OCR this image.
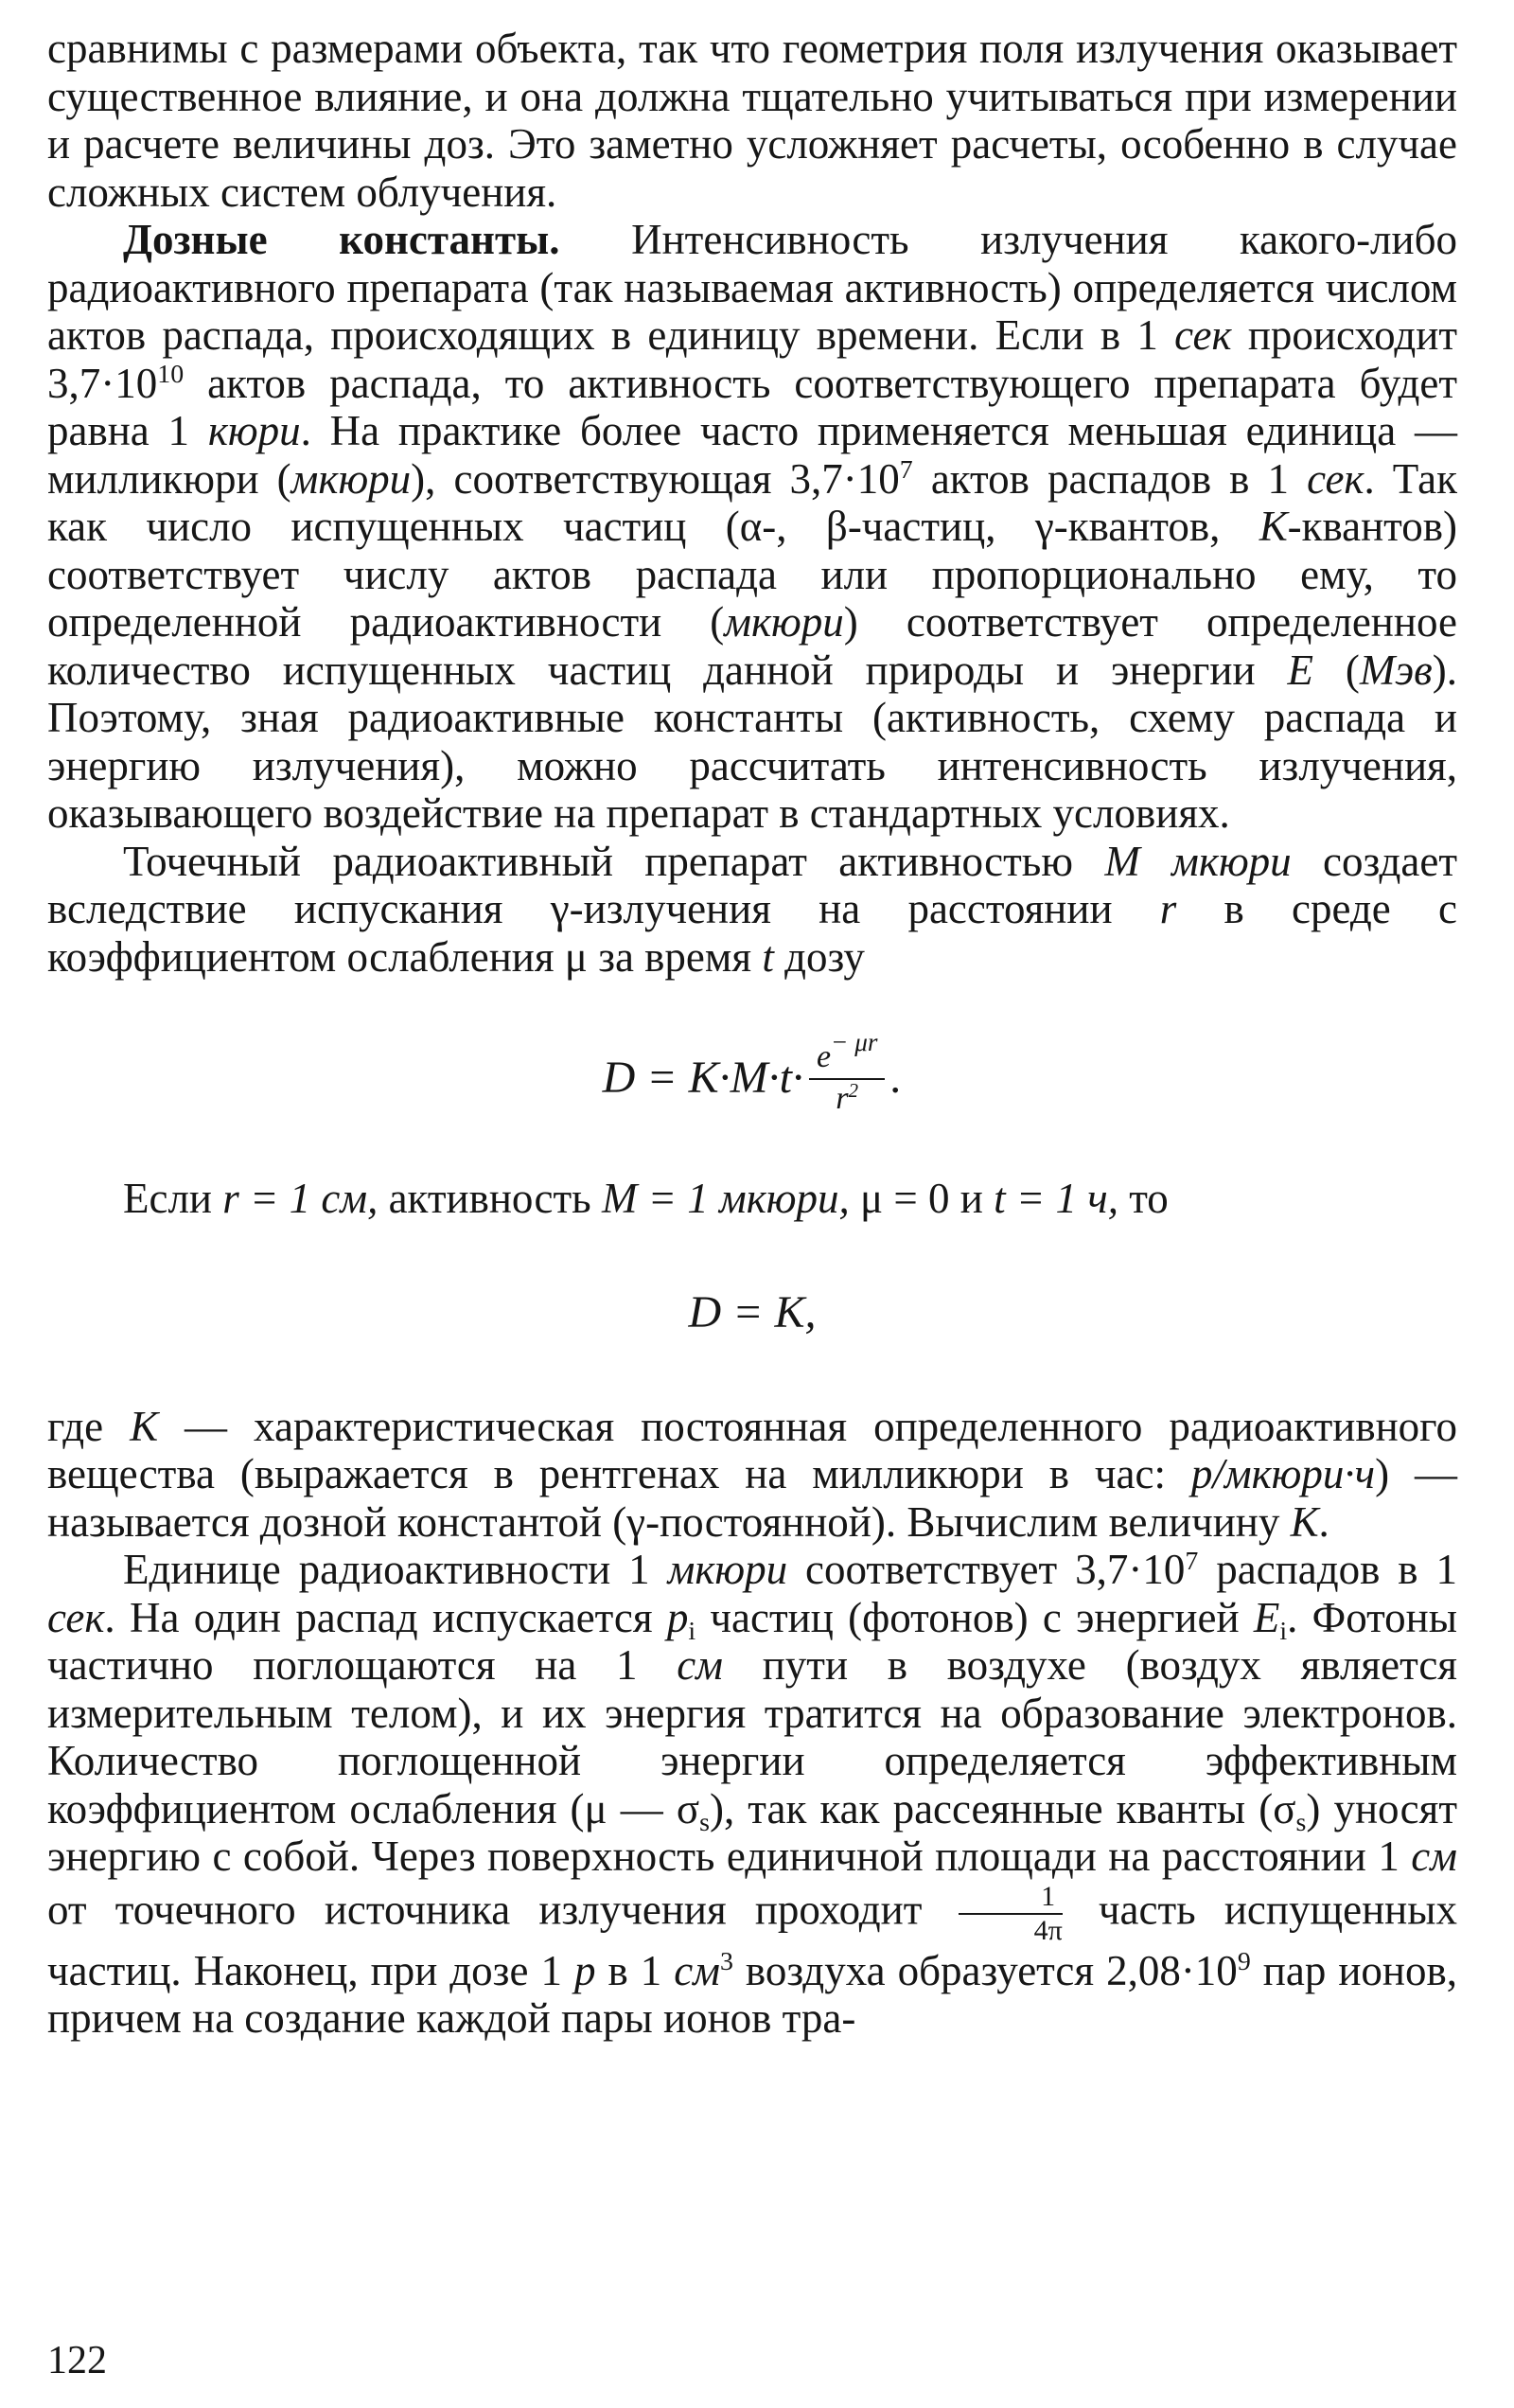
сравнимы с размерами объекта, так что геометрия поля излучения оказывает существенное влияние, и она должна тщательно учитываться при измерении и расчете величины доз. Это заметно усложняет расчеты, особенно в случае сложных систем облучения.

Дозные константы. Интенсивность излучения какого-либо радиоактивного препарата (так называемая активность) определяется числом актов распада, происходящих в единицу времени. Если в 1 сек происходит $3,7\cdot 10^{10}$ актов распада, то активность соответствующего препарата будет равна 1 кюри. На практике более часто применяется меньшая единица — милликюри (мкюри), соответствующая $3,7\cdot 10^7$ актов распадов в 1 сек. Так как число испущенных частиц (α-, β-частиц, γ-квантов, К-квантов) соответствует числу актов распада или пропорционально ему, то определенной радиоактивности (мкюри) соответствует определенное количество испущенных частиц данной природы и энергии E (Мэв). Поэтому, зная радиоактивные константы (активность, схему распада и энергию излучения), можно рассчитать интенсивность излучения, оказывающего воздействие на препарат в стандартных условиях.

Точечный радиоактивный препарат активностью M мкюри создает вследствие испускания γ-излучения на расстоянии r в среде с коэффициентом ослабления μ за время t дозу

$D = K\cdot M\cdot t\cdot \frac{e^{- \mu r}}{r^2}$ .

Если r = 1 см, активность M = 1 мкюри, μ = 0 и t = 1 ч, то

D = K,

где К — характеристическая постоянная определенного радиоактивного вещества (выражается в рентгенах на милликюри в час: р/мкюри·ч) — называется дозной константой (γ-постоянной). Вычислим величину К.

Единице радиоактивности 1 мкюри соответствует $3,7\cdot 10^7$ распадов в 1 сек. На один распад испускается $p_i$ частиц (фотонов) с энергией $E_i$. Фотоны частично поглощаются на 1 см пути в воздухе (воздух является измерительным телом), и их энергия тратится на образование электронов. Количество поглощенной энергии определяется эффективным коэффициентом ослабления (μ — $\sigma_s$), так как рассеянные кванты $(\sigma_s)$ уносят энергию с собой. Через поверхность единичной площади на расстоянии 1 см от точечного источника излучения проходит $\frac{1}{4\pi}$ часть испущенных частиц. Наконец, при дозе 1 р в 1 $см^3$ воздуха образуется $2,08\cdot 10^9$ пар ионов, причем на создание каждой пары ионов тра-

122
